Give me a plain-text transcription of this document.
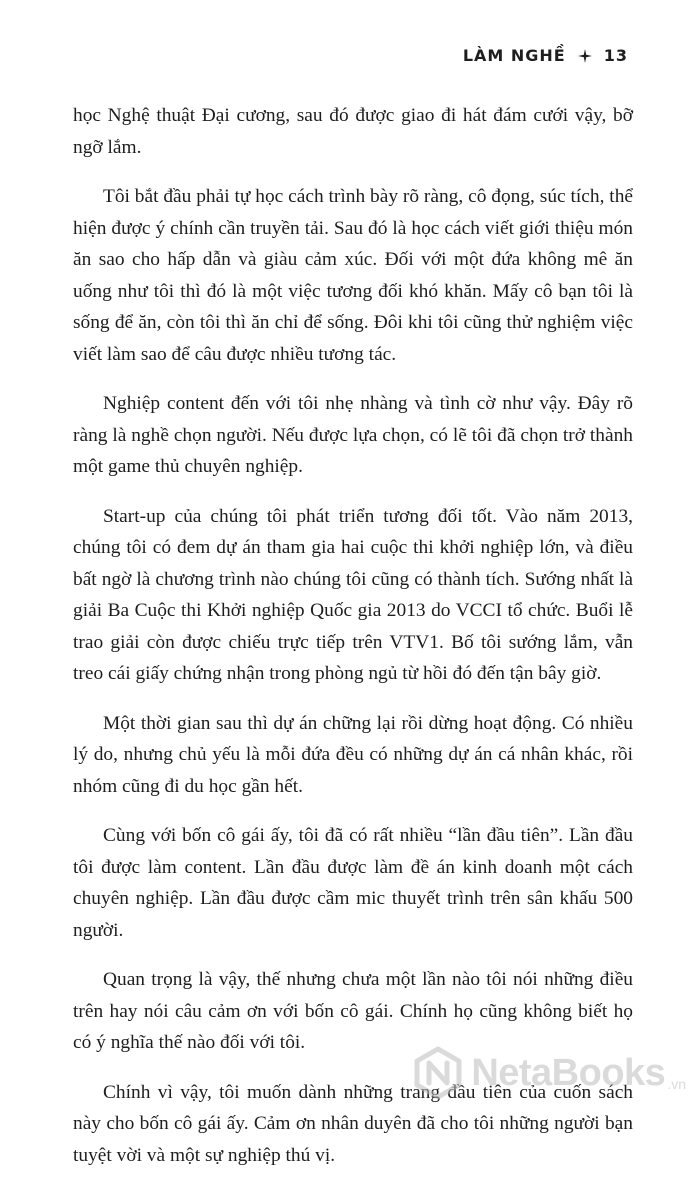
LÀM NGHỀ 13

học Nghệ thuật Đại cương, sau đó được giao đi hát đám cưới vậy, bỡ ngỡ lắm.

Tôi bắt đầu phải tự học cách trình bày rõ ràng, cô đọng, súc tích, thể hiện được ý chính cần truyền tải. Sau đó là học cách viết giới thiệu món ăn sao cho hấp dẫn và giàu cảm xúc. Đối với một đứa không mê ăn uống như tôi thì đó là một việc tương đối khó khăn. Mấy cô bạn tôi là sống để ăn, còn tôi thì ăn chỉ để sống. Đôi khi tôi cũng thử nghiệm việc viết làm sao để câu được nhiều tương tác.

Nghiệp content đến với tôi nhẹ nhàng và tình cờ như vậy. Đây rõ ràng là nghề chọn người. Nếu được lựa chọn, có lẽ tôi đã chọn trở thành một game thủ chuyên nghiệp.

Start-up của chúng tôi phát triển tương đối tốt. Vào năm 2013, chúng tôi có đem dự án tham gia hai cuộc thi khởi nghiệp lớn, và điều bất ngờ là chương trình nào chúng tôi cũng có thành tích. Sướng nhất là giải Ba Cuộc thi Khởi nghiệp Quốc gia 2013 do VCCI tổ chức. Buổi lễ trao giải còn được chiếu trực tiếp trên VTV1. Bố tôi sướng lắm, vẫn treo cái giấy chứng nhận trong phòng ngủ từ hồi đó đến tận bây giờ.

Một thời gian sau thì dự án chững lại rồi dừng hoạt động. Có nhiều lý do, nhưng chủ yếu là mỗi đứa đều có những dự án cá nhân khác, rồi nhóm cũng đi du học gần hết.

Cùng với bốn cô gái ấy, tôi đã có rất nhiều “lần đầu tiên”. Lần đầu tôi được làm content. Lần đầu được làm đề án kinh doanh một cách chuyên nghiệp. Lần đầu được cầm mic thuyết trình trên sân khấu 500 người.

Quan trọng là vậy, thế nhưng chưa một lần nào tôi nói những điều trên hay nói câu cảm ơn với bốn cô gái. Chính họ cũng không biết họ có ý nghĩa thế nào đối với tôi.

Chính vì vậy, tôi muốn dành những trang đầu tiên của cuốn sách này cho bốn cô gái ấy. Cảm ơn nhân duyên đã cho tôi những người bạn tuyệt vời và một sự nghiệp thú vị.

NetaBooks .vn
